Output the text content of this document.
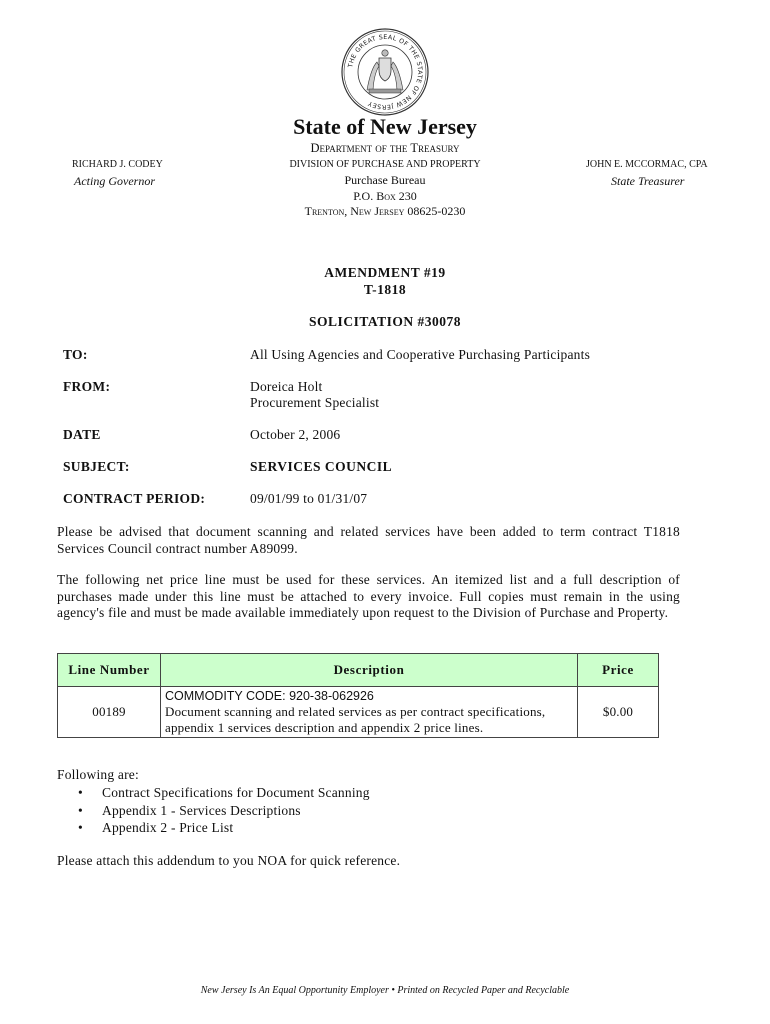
THE GREAT SEAL OF THE STATE OF NEW JERSEY
State of New Jersey
Department of the Treasury
DIVISION OF PURCHASE AND PROPERTY
Purchase Bureau
P.O. Box 230
Trenton, New Jersey 08625-0230
RICHARD J. CODEY
Acting Governor
JOHN E. MCCORMAC, CPA
State Treasurer
AMENDMENT #19
T-1818
SOLICITATION #30078
TO:	All Using Agencies and Cooperative Purchasing Participants
FROM:	Doreica Holt
Procurement Specialist
DATE	October 2, 2006
SUBJECT:	SERVICES COUNCIL
CONTRACT PERIOD:	09/01/99 to 01/31/07
Please be advised that document scanning and related services have been added to term contract T1818 Services Council contract number A89099.
The following net price line must be used for these services. An itemized list and a full description of purchases made under this line must be attached to every invoice. Full copies must remain in the using agency's file and must be made available immediately upon request to the Division of Purchase and Property.
Line Number	Description	Price
00189	COMMODITY CODE: 920-38-062926
Document scanning and related services as per contract specifications, appendix 1 services description and appendix 2 price lines.	$0.00
Following are:
• Contract Specifications for Document Scanning
• Appendix 1 - Services Descriptions
• Appendix 2 - Price List
Please attach this addendum to you NOA for quick reference.
New Jersey Is An Equal Opportunity Employer • Printed on Recycled Paper and Recyclable
